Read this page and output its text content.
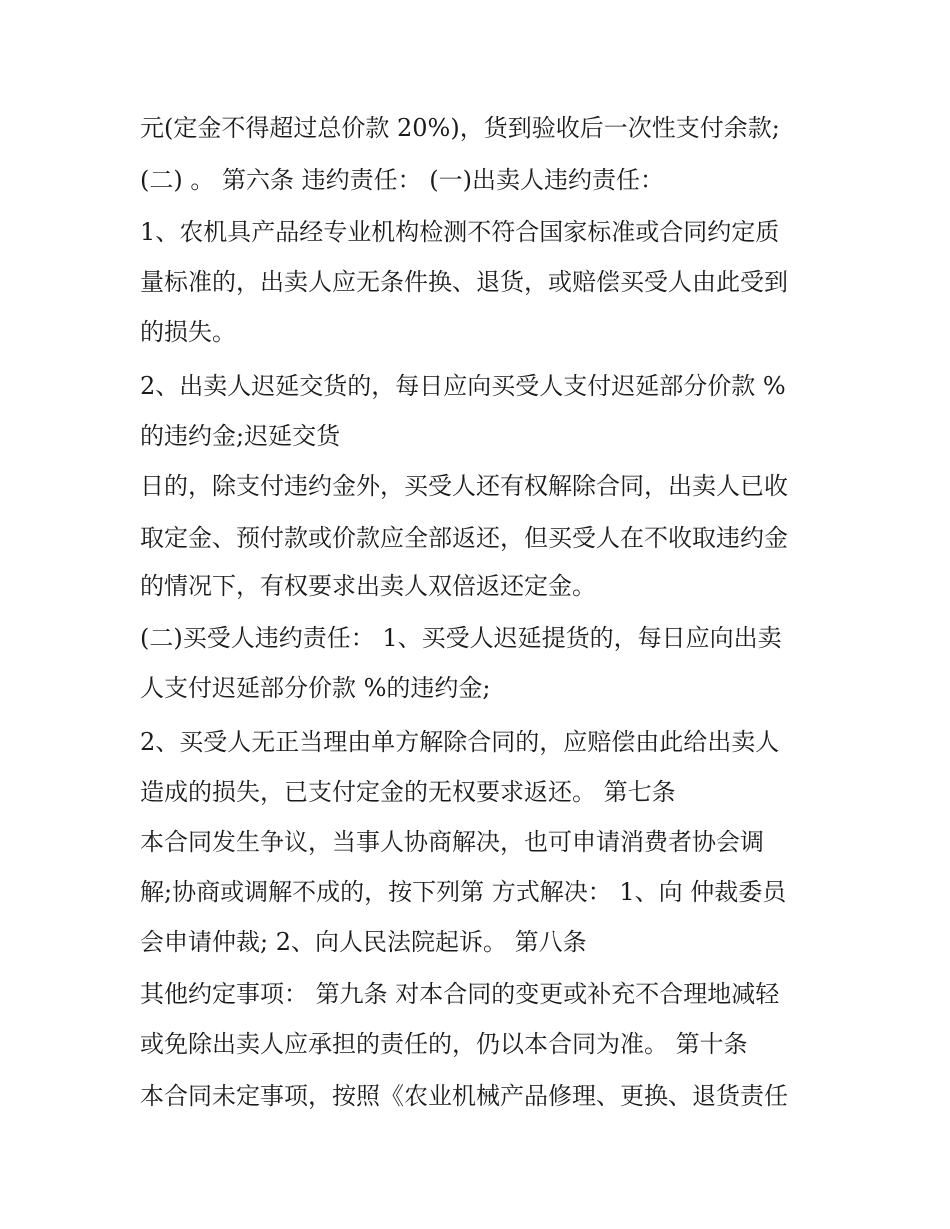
元(定金不得超过总价款 20%)，货到验收后一次性支付余款;
(二) 。 第六条 违约责任： (一)出卖人违约责任：
1、农机具产品经专业机构检测不符合国家标准或合同约定质
量标准的，出卖人应无条件换、退货，或赔偿买受人由此受到
的损失。
2、出卖人迟延交货的，每日应向买受人支付迟延部分价款 %
的违约金;迟延交货
日的，除支付违约金外，买受人还有权解除合同，出卖人已收
取定金、预付款或价款应全部返还，但买受人在不收取违约金
的情况下，有权要求出卖人双倍返还定金。
(二)买受人违约责任： 1、买受人迟延提货的，每日应向出卖
人支付迟延部分价款 %的违约金;
2、买受人无正当理由单方解除合同的，应赔偿由此给出卖人
造成的损失，已支付定金的无权要求返还。 第七条
本合同发生争议，当事人协商解决，也可申请消费者协会调
解;协商或调解不成的，按下列第 方式解决： 1、向 仲裁委员
会申请仲裁; 2、向人民法院起诉。 第八条
其他约定事项： 第九条 对本合同的变更或补充不合理地减轻
或免除出卖人应承担的责任的，仍以本合同为准。 第十条
本合同未定事项，按照《农业机械产品修理、更换、退货责任
